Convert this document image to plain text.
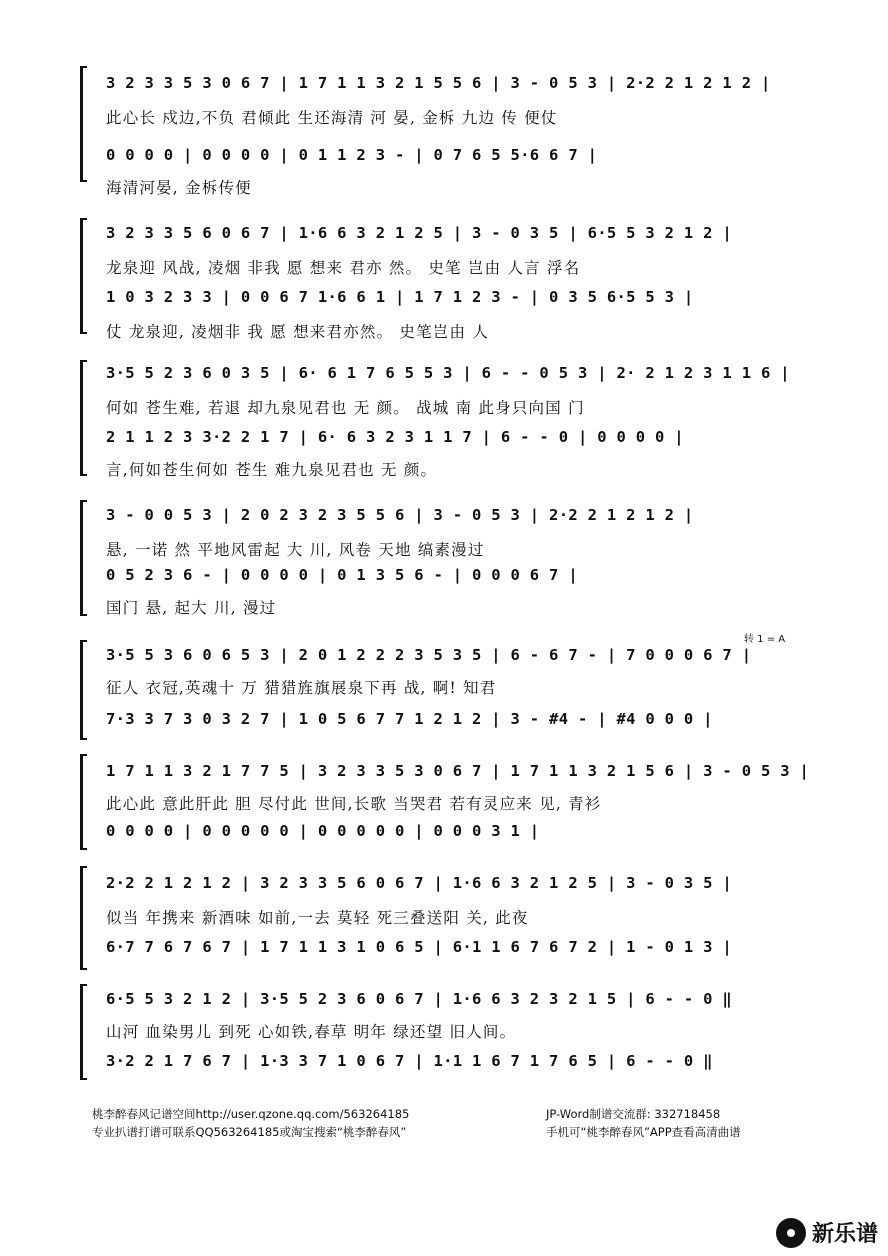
3 2 3 3 5 3 0 6 7 | 1 7 1 1 3 2 1 5 5 6 | 3 - 0 5 3 | 2·2 2 1 2 1 2 |
此心长 戍边,不负 君倾此 生还海清 河 晏, 金柝 九边 传 便仗
0 0 0 0 | 0 0 0 0 | 0 1 1 2 3 - | 0 7 6 5 5·6 6 7 |
海清河晏, 金柝传便
3 2 3 3 5 6 0 6 7 | 1·6 6 3 2 1 2 5 | 3 - 0 3 5 | 6·5 5 3 2 1 2 |
龙泉迎 风战, 凌烟 非我 愿 想来 君亦 然。 史笔 岂由 人言 浮名
1 0 3 2 3 3 | 0 0 6 7 1·6 6 1 | 1 7 1 2 3 - | 0 3 5 6·5 5 3 |
仗 龙泉迎, 凌烟非 我 愿 想来君亦然。 史笔岂由 人
3·5 5 2 3 6 0 3 5 | 6· 6 1 7 6 5 5 3 | 6 - - 0 5 3 | 2· 2 1 2 3 1 1 6 |
何如 苍生难, 若退 却九泉见君也 无 颜。 战城 南 此身只向国 门
2 1 1 2 3 3·2 2 1 7 | 6· 6 3 2 3 1 1 7 | 6 - - 0 | 0 0 0 0 |
言,何如苍生何如 苍生 难九泉见君也 无 颜。
3 - 0 0 5 3 | 2 0 2 3 2 3 5 5 6 | 3 - 0 5 3 | 2·2 2 1 2 1 2 |
悬, 一诺 然 平地风雷起 大 川, 风卷 天地 缟素漫过
0 5 2 3 6 - | 0 0 0 0 | 0 1 3 5 6 - | 0 0 0 6 7 |
国门 悬, 起大 川, 漫过
转 1 = A
3·5 5 3 6 0 6 5 3 | 2 0 1 2 2 2 3 5 3 5 | 6 - 6 7 - | 7 0 0 0 6 7 |
征人 衣冠,英魂十 万 猎猎旌旗展泉下再 战, 啊! 知君
7·3 3 7 3 0 3 2 7 | 1 0 5 6 7 7 1 2 1 2 | 3 - #4 - | #4 0 0 0 |
1 7 1 1 3 2 1 7 7 5 | 3 2 3 3 5 3 0 6 7 | 1 7 1 1 3 2 1 5 6 | 3 - 0 5 3 |
此心此 意此肝此 胆 尽付此 世间,长歌 当哭君 若有灵应来 见, 青衫
0 0 0 0 | 0 0 0 0 0 | 0 0 0 0 0 | 0 0 0 3 1 |
2·2 2 1 2 1 2 | 3 2 3 3 5 6 0 6 7 | 1·6 6 3 2 1 2 5 | 3 - 0 3 5 |
似当 年携来 新酒味 如前,一去 莫轻 死三叠送阳 关, 此夜
6·7 7 6 7 6 7 | 1 7 1 1 3 1 0 6 5 | 6·1 1 6 7 6 7 2 | 1 - 0 1 3 |
6·5 5 3 2 1 2 | 3·5 5 2 3 6 0 6 7 | 1·6 6 3 2 3 2 1 5 | 6 - - 0 ‖
山河 血染男儿 到死 心如铁,春草 明年 绿还望 旧人间。
3·2 2 1 7 6 7 | 1·3 3 7 1 0 6 7 | 1·1 1 6 7 1 7 6 5 | 6 - - 0 ‖
桃李醉春风记谱空间http://user.qzone.qq.com/563264185
专业扒谱打谱可联系QQ563264185或淘宝搜索“桃李醉春风”
JP-Word制谱交流群: 332718458
手机可“桃李醉春风”APP查看高清曲谱
新乐谱
